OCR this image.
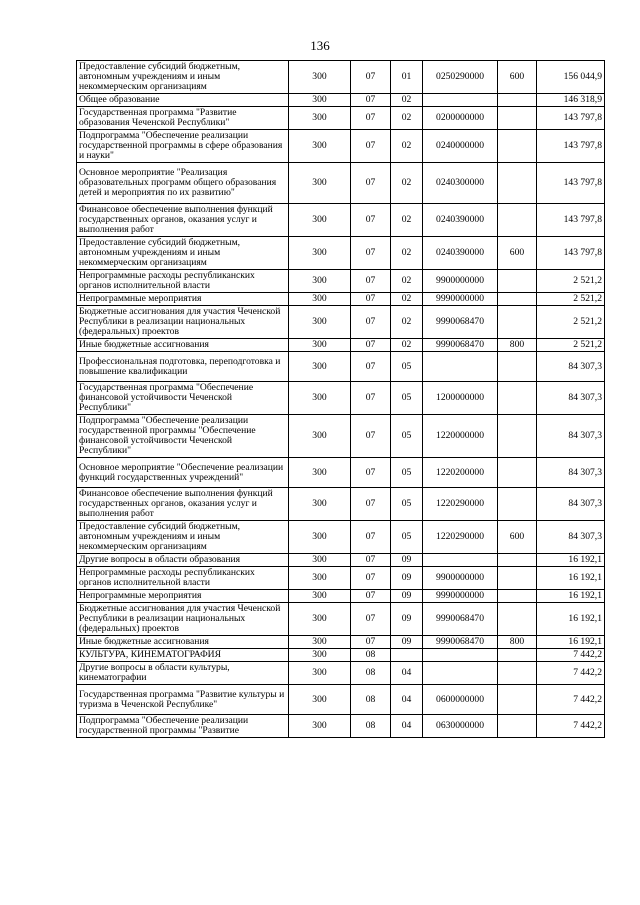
136
Предоставление субсидий бюджетным, автономным учреждениям и иным некоммерческим организациям	300	07	01	0250290000	600	156 044,9
Общее образование	300	07	02			146 318,9
Государственная программа "Развитие образования Чеченской Республики"	300	07	02	0200000000		143 797,8
Подпрограмма "Обеспечение реализации государственной программы в сфере образования и науки"	300	07	02	0240000000		143 797,8
Основное мероприятие "Реализация образовательных программ общего образования детей и мероприятия по их развитию"	300	07	02	0240300000		143 797,8
Финансовое обеспечение выполнения функций государственных органов, оказания услуг и выполнения работ	300	07	02	0240390000		143 797,8
Предоставление субсидий бюджетным, автономным учреждениям и иным некоммерческим организациям	300	07	02	0240390000	600	143 797,8
Непрограммные расходы республиканских органов исполнительной власти	300	07	02	9900000000		2 521,2
Непрограммные мероприятия	300	07	02	9990000000		2 521,2
Бюджетные ассигнования для участия Чеченской Республики в реализации национальных (федеральных) проектов	300	07	02	9990068470		2 521,2
Иные бюджетные ассигнования	300	07	02	9990068470	800	2 521,2
Профессиональная подготовка, переподготовка и повышение квалификации	300	07	05			84 307,3
Государственная программа "Обеспечение финансовой устойчивости Чеченской Республики"	300	07	05	1200000000		84 307,3
Подпрограмма "Обеспечение реализации государственной программы "Обеспечение финансовой устойчивости Чеченской Республики"	300	07	05	1220000000		84 307,3
Основное мероприятие "Обеспечение реализации функций государственных учреждений"	300	07	05	1220200000		84 307,3
Финансовое обеспечение выполнения функций государственных органов, оказания услуг и выполнения работ	300	07	05	1220290000		84 307,3
Предоставление субсидий бюджетным, автономным учреждениям и иным некоммерческим организациям	300	07	05	1220290000	600	84 307,3
Другие вопросы в области образования	300	07	09			16 192,1
Непрограммные расходы республиканских органов исполнительной власти	300	07	09	9900000000		16 192,1
Непрограммные мероприятия	300	07	09	9990000000		16 192,1
Бюджетные ассигнования для участия Чеченской Республики в реализации национальных (федеральных) проектов	300	07	09	9990068470		16 192,1
Иные бюджетные ассигнования	300	07	09	9990068470	800	16 192,1
КУЛЬТУРА, КИНЕМАТОГРАФИЯ	300	08				7 442,2
Другие вопросы в области культуры, кинематографии	300	08	04			7 442,2
Государственная программа "Развитие культуры и туризма в Чеченской Республике"	300	08	04	0600000000		7 442,2
Подпрограмма "Обеспечение реализации государственной программы "Развитие	300	08	04	0630000000		7 442,2
